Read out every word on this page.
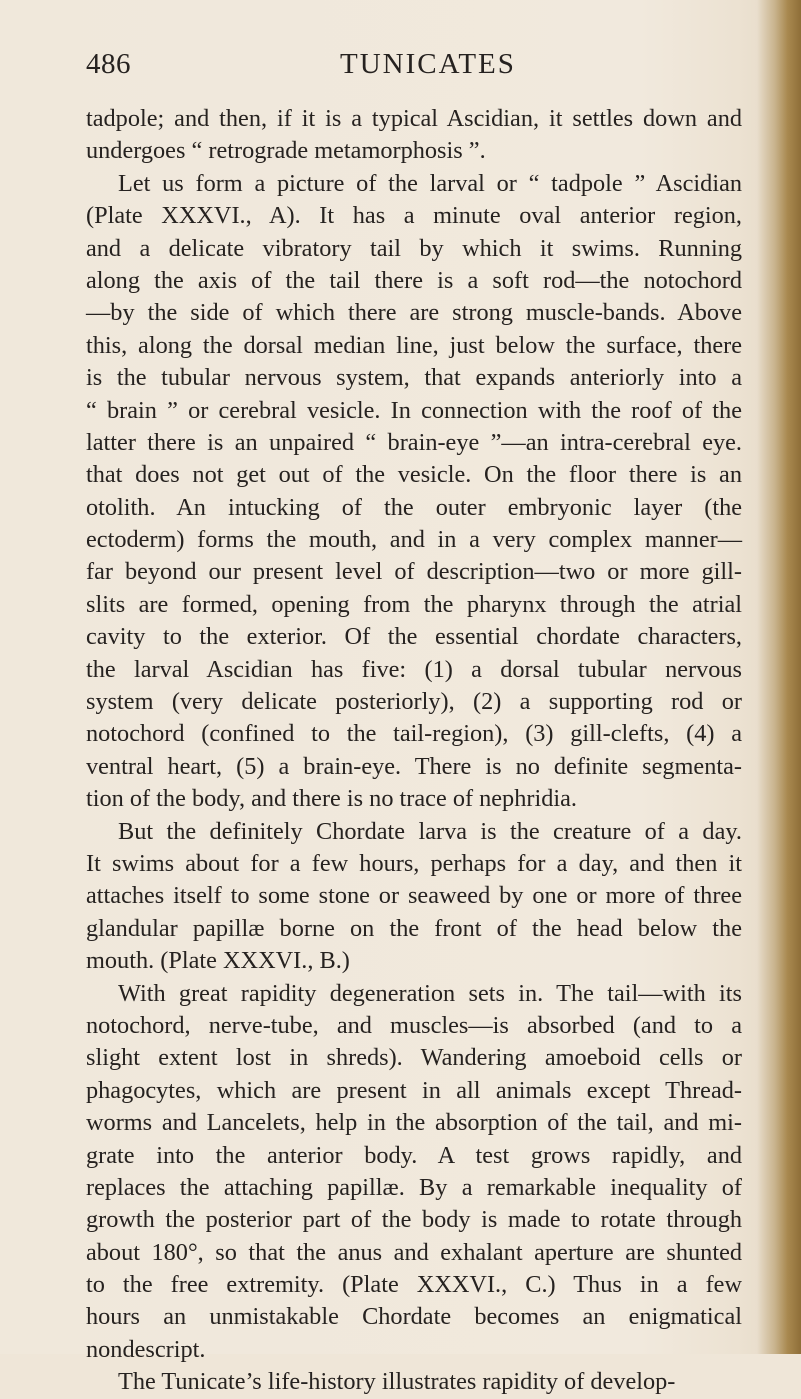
486	TUNICATES
tadpole; and then, if it is a typical Ascidian, it settles down and
undergoes “ retrograde metamorphosis ”.
Let us form a picture of the larval or “ tadpole ” Ascidian
(Plate XXXVI., A). It has a minute oval anterior region,
and a delicate vibratory tail by which it swims. Running
along the axis of the tail there is a soft rod—the notochord
—by the side of which there are strong muscle-bands. Above
this, along the dorsal median line, just below the surface, there
is the tubular nervous system, that expands anteriorly into a
“ brain ” or cerebral vesicle. In connection with the roof of the
latter there is an unpaired “ brain-eye ”—an intra-cerebral eye.
that does not get out of the vesicle. On the floor there is an
otolith. An intucking of the outer embryonic layer (the
ectoderm) forms the mouth, and in a very complex manner—
far beyond our present level of description—two or more gill-
slits are formed, opening from the pharynx through the atrial
cavity to the exterior. Of the essential chordate characters,
the larval Ascidian has five: (1) a dorsal tubular nervous
system (very delicate posteriorly), (2) a supporting rod or
notochord (confined to the tail-region), (3) gill-clefts, (4) a
ventral heart, (5) a brain-eye. There is no definite segmenta-
tion of the body, and there is no trace of nephridia.
But the definitely Chordate larva is the creature of a day.
It swims about for a few hours, perhaps for a day, and then it
attaches itself to some stone or seaweed by one or more of three
glandular papillæ borne on the front of the head below the
mouth. (Plate XXXVI., B.)
With great rapidity degeneration sets in. The tail—with its
notochord, nerve-tube, and muscles—is absorbed (and to a
slight extent lost in shreds). Wandering amoeboid cells or
phagocytes, which are present in all animals except Thread-
worms and Lancelets, help in the absorption of the tail, and mi-
grate into the anterior body. A test grows rapidly, and
replaces the attaching papillæ. By a remarkable inequality of
growth the posterior part of the body is made to rotate through
about 180°, so that the anus and exhalant aperture are shunted
to the free extremity. (Plate XXXVI., C.) Thus in a few
hours an unmistakable Chordate becomes an enigmatical
nondescript.
The Tunicate’s life-history illustrates rapidity of develop-
